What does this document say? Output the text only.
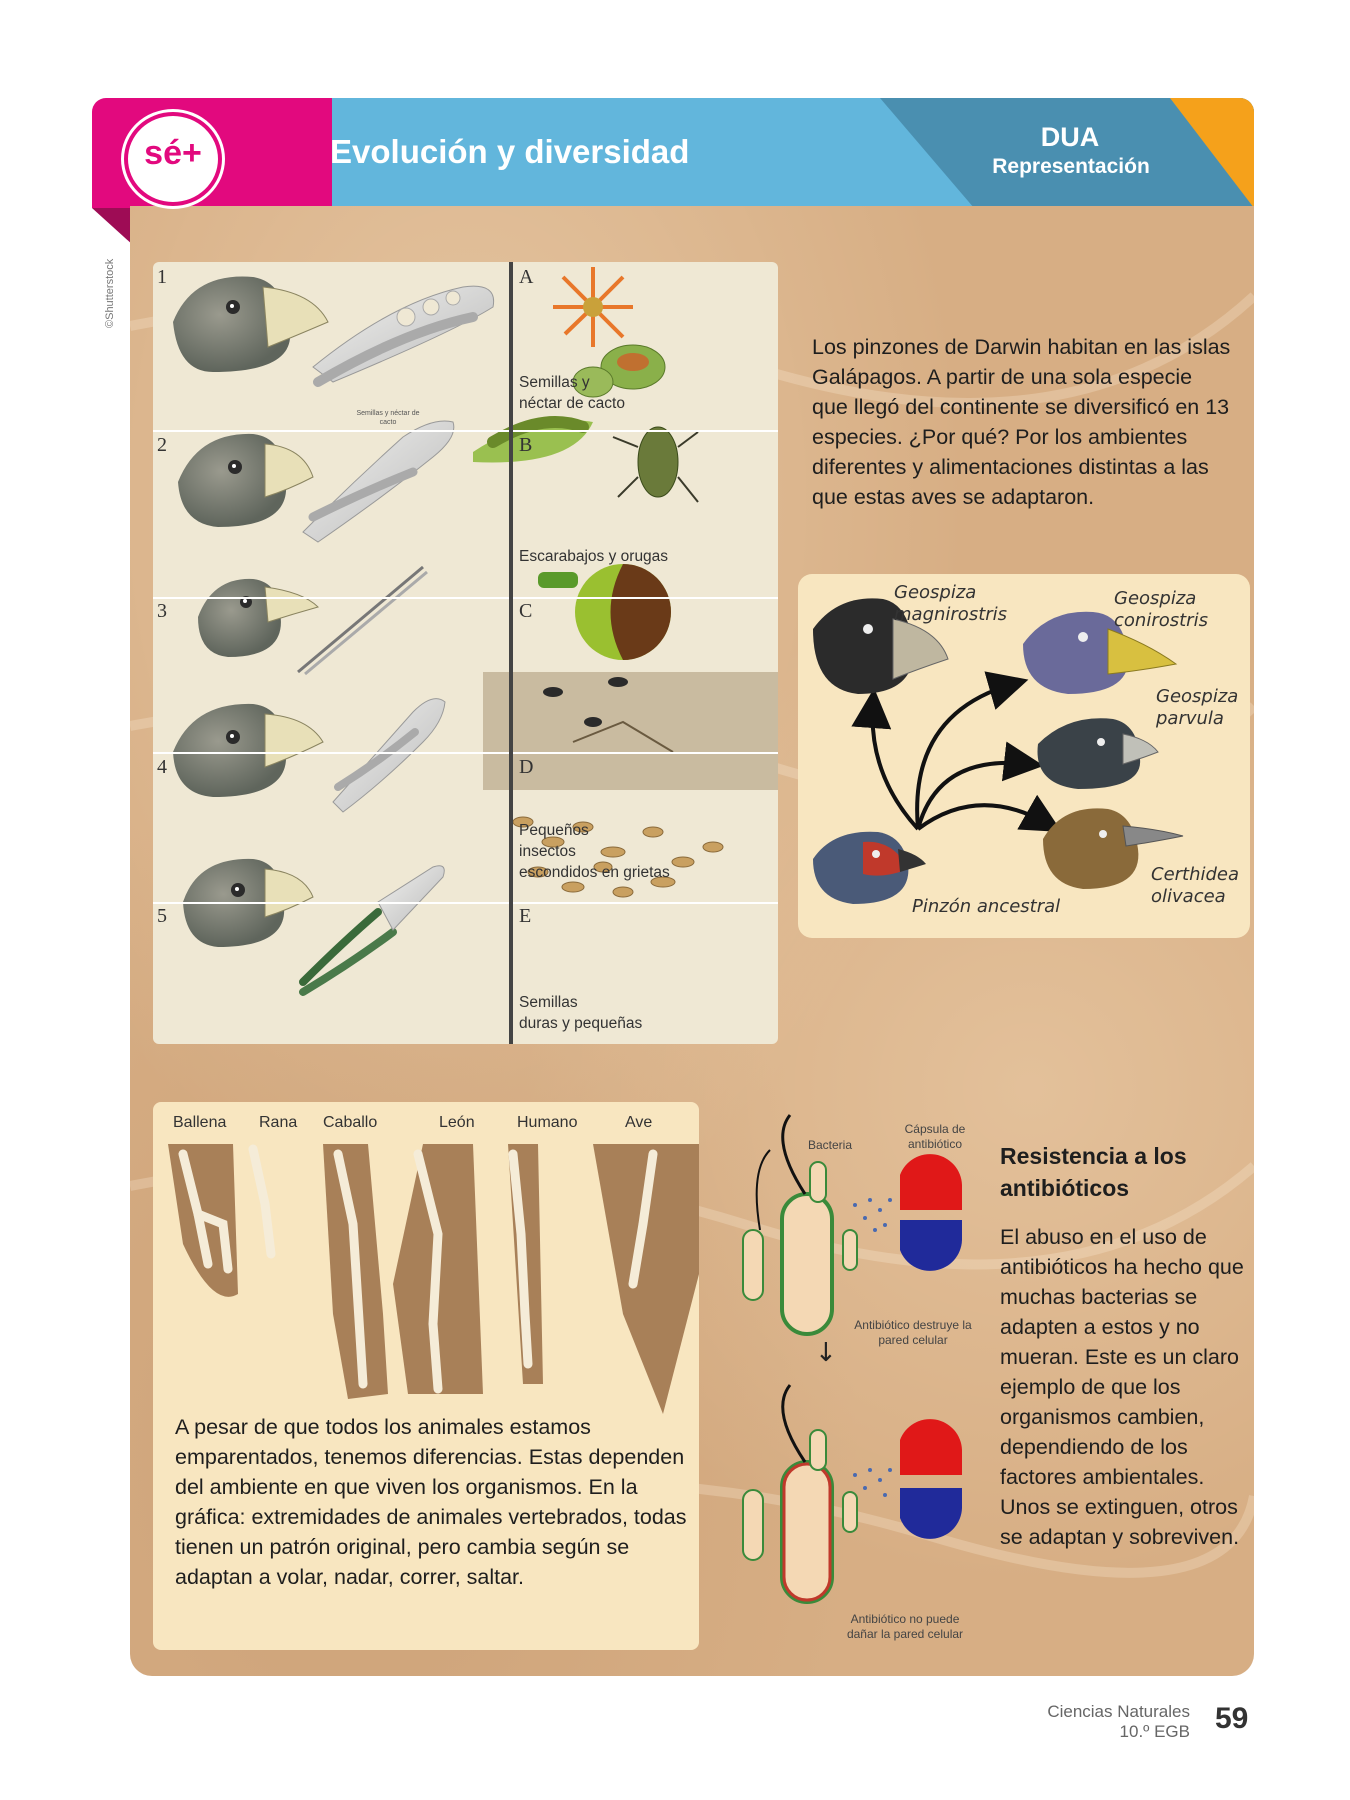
©Shutterstock
sé+	Evolución y diversidad	DUA
Representación
1
2
3
4
5
A
B
C
D
E
Semillas y
néctar de cacto
Escarabajos y orugas
Pequeños
insectos
escondidos en grietas
Semillas
duras y pequeñas
Semillas y néctar de cacto
Los pinzones de Darwin habitan en las islas Galápagos. A partir de una sola especie que llegó del continente se diversificó en 13 especies. ¿Por qué? Por los ambientes diferentes y alimentaciones distintas a las que estas aves se adaptaron.
Geospiza
magnirostris
Geospiza
conirostris
Geospiza
parvula
Certhidea
olivacea
Pinzón ancestral
Ballena Rana Caballo	León	Humano	Ave
A pesar de que todos los animales estamos emparentados, tenemos diferencias. Estas dependen del ambiente en que viven los organismos. En la gráfica: extremidades de animales vertebrados, todas tienen un patrón original, pero cambia según se adaptan a volar, nadar, correr, saltar.
Bacteria
Cápsula de antibiótico
Antibiótico destruye la pared celular
Antibiótico no puede dañar la pared celular
↓
Resistencia a los antibióticos
El abuso en el uso de antibióticos ha hecho que muchas bacterias se adapten a estos y no mueran. Este es un claro ejemplo de que los organismos cambien, dependiendo de los factores ambientales. Unos se extinguen, otros se adaptan y sobreviven.
Ciencias Naturales
10.º EGB 59
